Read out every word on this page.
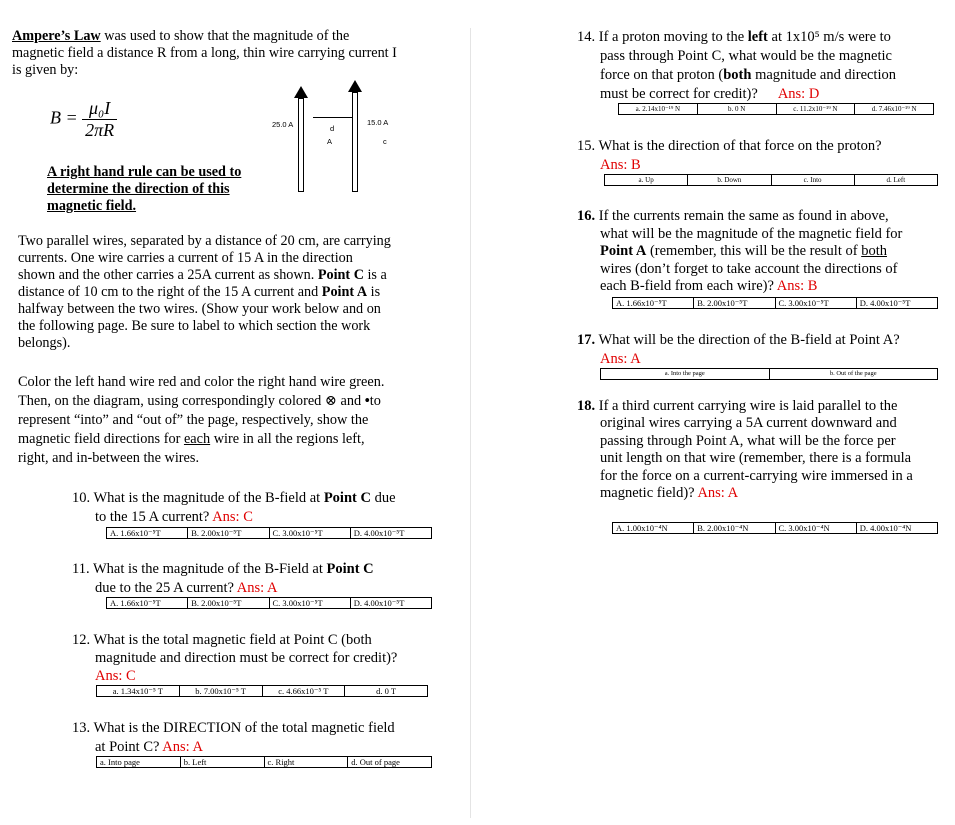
Ampere’s Law was used to show that the magnitude of the
magnetic field a distance R from a long, thin wire carrying current I
is given by:
$B = \frac{\text{μ₀I}}{2\pi R}$	25.0 A	d
A
15.0 A
c
A right hand rule can be used to
determine the direction of this
magnetic field.
Two parallel wires, separated by a distance of 20 cm, are carrying
currents. One wire carries a current of 15 A in the direction
shown and the other carries a 25A current as shown. Point C is a
distance of 10 cm to the right of the 15 A current and Point A is
halfway between the two wires. (Show your work below and on
the following page. Be sure to label to which section the work
belongs).
Color the left hand wire red and color the right hand wire green.
Then, on the diagram, using correspondingly colored ⊗ and •to
represent “into” and “out of” the page, respectively, show the
magnetic field directions for each wire in all the regions left,
right, and in-between the wires.
10. What is the magnitude of the B-field at Point C due
to the 15 A current? Ans: C
A. 1.66x10⁻⁵T	B. 2.00x10⁻⁵T	C. 3.00x10⁻⁵T	D. 4.00x10⁻⁵T
11. What is the magnitude of the B-Field at Point C
due to the 25 A current? Ans: A
A. 1.66x10⁻⁵T	B. 2.00x10⁻⁵T	C. 3.00x10⁻⁵T	D. 4.00x10⁻⁵T
12. What is the total magnetic field at Point C (both
magnitude and direction must be correct for credit)?
Ans: C
a. 1.34x10⁻⁵ T	b. 7.00x10⁻⁵ T	c. 4.66x10⁻⁵ T	d. 0 T
13. What is the DIRECTION of the total magnetic field
at Point C? Ans: A
a. Into page	b. Left	c. Right	d. Out of page
14. If a proton moving to the left at 1x10⁵ m/s were to
pass through Point C, what would be the magnetic
force on that proton (both magnitude and direction
must be correct for credit)? Ans: D
a. 2.14x10⁻¹⁹ N	b. 0 N	c. 11.2x10⁻¹⁹ N	d. 7.46x10⁻¹⁹ N
15. What is the direction of that force on the proton?
Ans: B
a. Up	b. Down	c. Into	d. Left
16. If the currents remain the same as found in above,
what will be the magnitude of the magnetic field for
Point A (remember, this will be the result of both
wires (don’t forget to take account the directions of
each B-field from each wire)? Ans: B
A. 1.66x10⁻⁵T	B. 2.00x10⁻⁵T	C. 3.00x10⁻⁵T	D. 4.00x10⁻⁵T
17. What will be the direction of the B-field at Point A?
Ans: A
a. Into the page	b. Out of the page
18. If a third current carrying wire is laid parallel to the
original wires carrying a 5A current downward and
passing through Point A, what will be the force per
unit length on that wire (remember, there is a formula
for the force on a current-carrying wire immersed in a
magnetic field)? Ans: A
A. 1.00x10⁻⁴N	B. 2.00x10⁻⁴N	C. 3.00x10⁻⁴N	D. 4.00x10⁻⁴N
